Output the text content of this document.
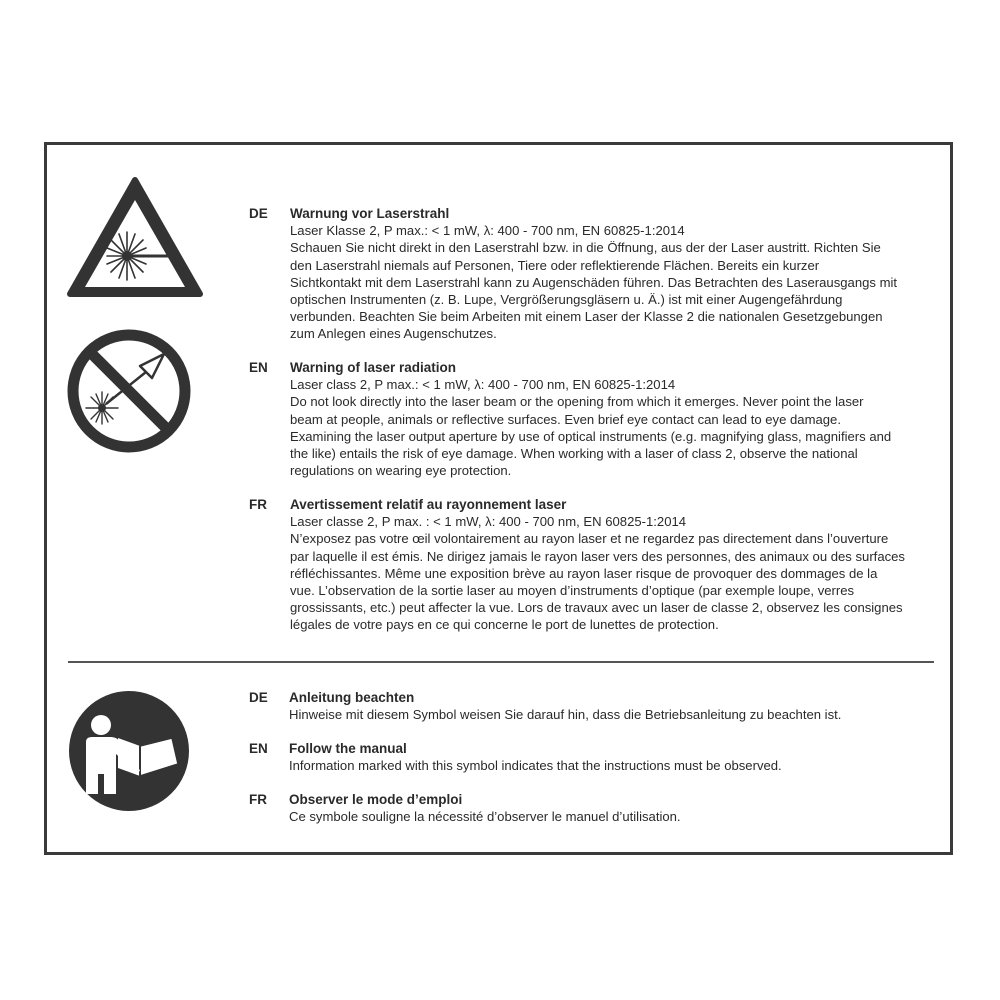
DE Warnung vor Laserstrahl
Laser Klasse 2, P max.: < 1 mW, λ: 400 - 700 nm, EN 60825-1:2014
Schauen Sie nicht direkt in den Laserstrahl bzw. in die Öffnung, aus der der Laser austritt. Richten Sie
den Laserstrahl niemals auf Personen, Tiere oder reflektierende Flächen. Bereits ein kurzer
Sichtkontakt mit dem Laserstrahl kann zu Augenschäden führen. Das Betrachten des Laserausgangs mit
optischen Instrumenten (z. B. Lupe, Vergrößerungsgläsern u. Ä.) ist mit einer Augengefährdung
verbunden. Beachten Sie beim Arbeiten mit einem Laser der Klasse 2 die nationalen Gesetzgebungen
zum Anlegen eines Augenschutzes.
EN Warning of laser radiation
Laser class 2, P max.: < 1 mW, λ: 400 - 700 nm, EN 60825-1:2014
Do not look directly into the laser beam or the opening from which it emerges. Never point the laser
beam at people, animals or reflective surfaces. Even brief eye contact can lead to eye damage.
Examining the laser output aperture by use of optical instruments (e.g. magnifying glass, magnifiers and
the like) entails the risk of eye damage. When working with a laser of class 2, observe the national
regulations on wearing eye protection.
FR Avertissement relatif au rayonnement laser
Laser classe 2, P max. : < 1 mW, λ: 400 - 700 nm, EN 60825-1:2014
N’exposez pas votre œil volontairement au rayon laser et ne regardez pas directement dans l’ouverture
par laquelle il est émis. Ne dirigez jamais le rayon laser vers des personnes, des animaux ou des surfaces
réfléchissantes. Même une exposition brève au rayon laser risque de provoquer des dommages de la
vue. L’observation de la sortie laser au moyen d’instruments d’optique (par exemple loupe, verres
grossissants, etc.) peut affecter la vue. Lors de travaux avec un laser de classe 2, observez les consignes
légales de votre pays en ce qui concerne le port de lunettes de protection.
DE Anleitung beachten
Hinweise mit diesem Symbol weisen Sie darauf hin, dass die Betriebsanleitung zu beachten ist.
EN Follow the manual
Information marked with this symbol indicates that the instructions must be observed.
FR Observer le mode d’emploi
Ce symbole souligne la nécessité d’observer le manuel d’utilisation.
